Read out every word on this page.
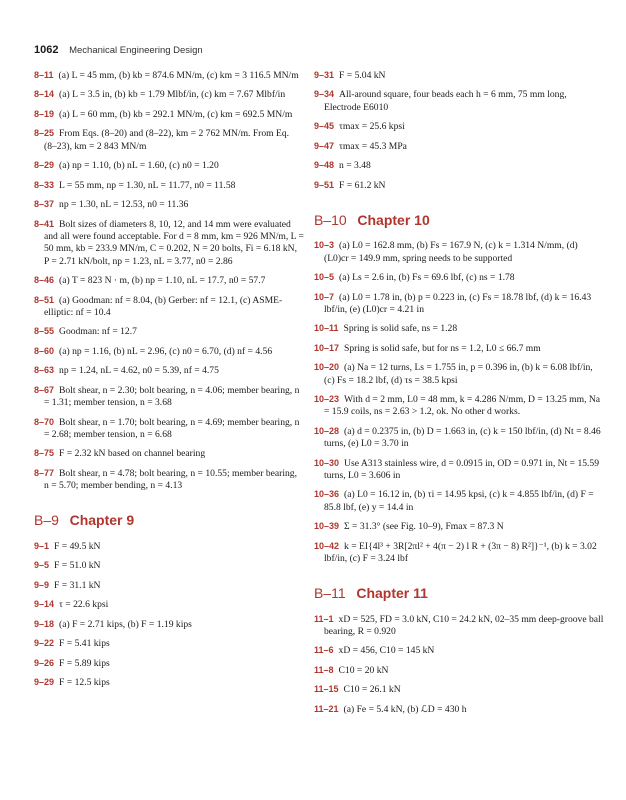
1062 Mechanical Engineering Design
8–11 (a) L = 45 mm, (b) kb = 874.6 MN/m, (c) km = 3 116.5 MN/m
8–14 (a) L = 3.5 in, (b) kb = 1.79 Mlbf/in, (c) km = 7.67 Mlbf/in
8–19 (a) L = 60 mm, (b) kb = 292.1 MN/m, (c) km = 692.5 MN/m
8–25 From Eqs. (8–20) and (8–22), km = 2 762 MN/m. From Eq. (8–23), km = 2 843 MN/m
8–29 (a) np = 1.10, (b) nL = 1.60, (c) n0 = 1.20
8–33 L = 55 mm, np = 1.30, nL = 11.77, n0 = 11.58
8–37 np = 1.30, nL = 12.53, n0 = 11.36
8–41 Bolt sizes of diameters 8, 10, 12, and 14 mm were evaluated and all were found acceptable. For d = 8 mm, km = 926 MN/m, L = 50 mm, kb = 233.9 MN/m, C = 0.202, N = 20 bolts, Fi = 6.18 kN, P = 2.71 kN/bolt, np = 1.23, nL = 3.77, n0 = 2.86
8–46 (a) T = 823 N · m, (b) np = 1.10, nL = 17.7, n0 = 57.7
8–51 (a) Goodman: nf = 8.04, (b) Gerber: nf = 12.1, (c) ASME-elliptic: nf = 10.4
8–55 Goodman: nf = 12.7
8–60 (a) np = 1.16, (b) nL = 2.96, (c) n0 = 6.70, (d) nf = 4.56
8–63 np = 1.24, nL = 4.62, n0 = 5.39, nf = 4.75
8–67 Bolt shear, n = 2.30; bolt bearing, n = 4.06; member bearing, n = 1.31; member tension, n = 3.68
8–70 Bolt shear, n = 1.70; bolt bearing, n = 4.69; member bearing, n = 2.68; member tension, n = 6.68
8–75 F = 2.32 kN based on channel bearing
8–77 Bolt shear, n = 4.78; bolt bearing, n = 10.55; member bearing, n = 5.70; member bending, n = 4.13
B–9 Chapter 9
9–1 F = 49.5 kN
9–5 F = 51.0 kN
9–9 F = 31.1 kN
9–14 τ = 22.6 kpsi
9–18 (a) F = 2.71 kips, (b) F = 1.19 kips
9–22 F = 5.41 kips
9–26 F = 5.89 kips
9–29 F = 12.5 kips
9–31 F = 5.04 kN
9–34 All-around square, four beads each h = 6 mm, 75 mm long, Electrode E6010
9–45 τmax = 25.6 kpsi
9–47 τmax = 45.3 MPa
9–48 n = 3.48
9–51 F = 61.2 kN
B–10 Chapter 10
10–3 (a) L0 = 162.8 mm, (b) Fs = 167.9 N, (c) k = 1.314 N/mm, (d) (L0)cr = 149.9 mm, spring needs to be supported
10–5 (a) Ls = 2.6 in, (b) Fs = 69.6 lbf, (c) ns = 1.78
10–7 (a) L0 = 1.78 in, (b) p = 0.223 in, (c) Fs = 18.78 lbf, (d) k = 16.43 lbf/in, (e) (L0)cr = 4.21 in
10–11 Spring is solid safe, ns = 1.28
10–17 Spring is solid safe, but for ns = 1.2, L0 ≤ 66.7 mm
10–20 (a) Na = 12 turns, Ls = 1.755 in, p = 0.396 in, (b) k = 6.08 lbf/in, (c) Fs = 18.2 lbf, (d) τs = 38.5 kpsi
10–23 With d = 2 mm, L0 = 48 mm, k = 4.286 N/mm, D = 13.25 mm, Na = 15.9 coils, ns = 2.63 > 1.2, ok. No other d works.
10–28 (a) d = 0.2375 in, (b) D = 1.663 in, (c) k = 150 lbf/in, (d) Nt = 8.46 turns, (e) L0 = 3.70 in
10–30 Use A313 stainless wire, d = 0.0915 in, OD = 0.971 in, Nt = 15.59 turns, L0 = 3.606 in
10–36 (a) L0 = 16.12 in, (b) τi = 14.95 kpsi, (c) k = 4.855 lbf/in, (d) F = 85.8 lbf, (e) y = 14.4 in
10–39 Σ = 31.3° (see Fig. 10–9), Fmax = 87.3 N
10–42 k = EI{4l³ + 3R[2πl² + 4(π − 2) l R + (3π − 8) R²]}⁻¹, (b) k = 3.02 lbf/in, (c) F = 3.24 lbf
B–11 Chapter 11
11–1 xD = 525, FD = 3.0 kN, C10 = 24.2 kN, 02–35 mm deep-groove ball bearing, R = 0.920
11–6 xD = 456, C10 = 145 kN
11–8 C10 = 20 kN
11–15 C10 = 26.1 kN
11–21 (a) Fe = 5.4 kN, (b) ℒD = 430 h
